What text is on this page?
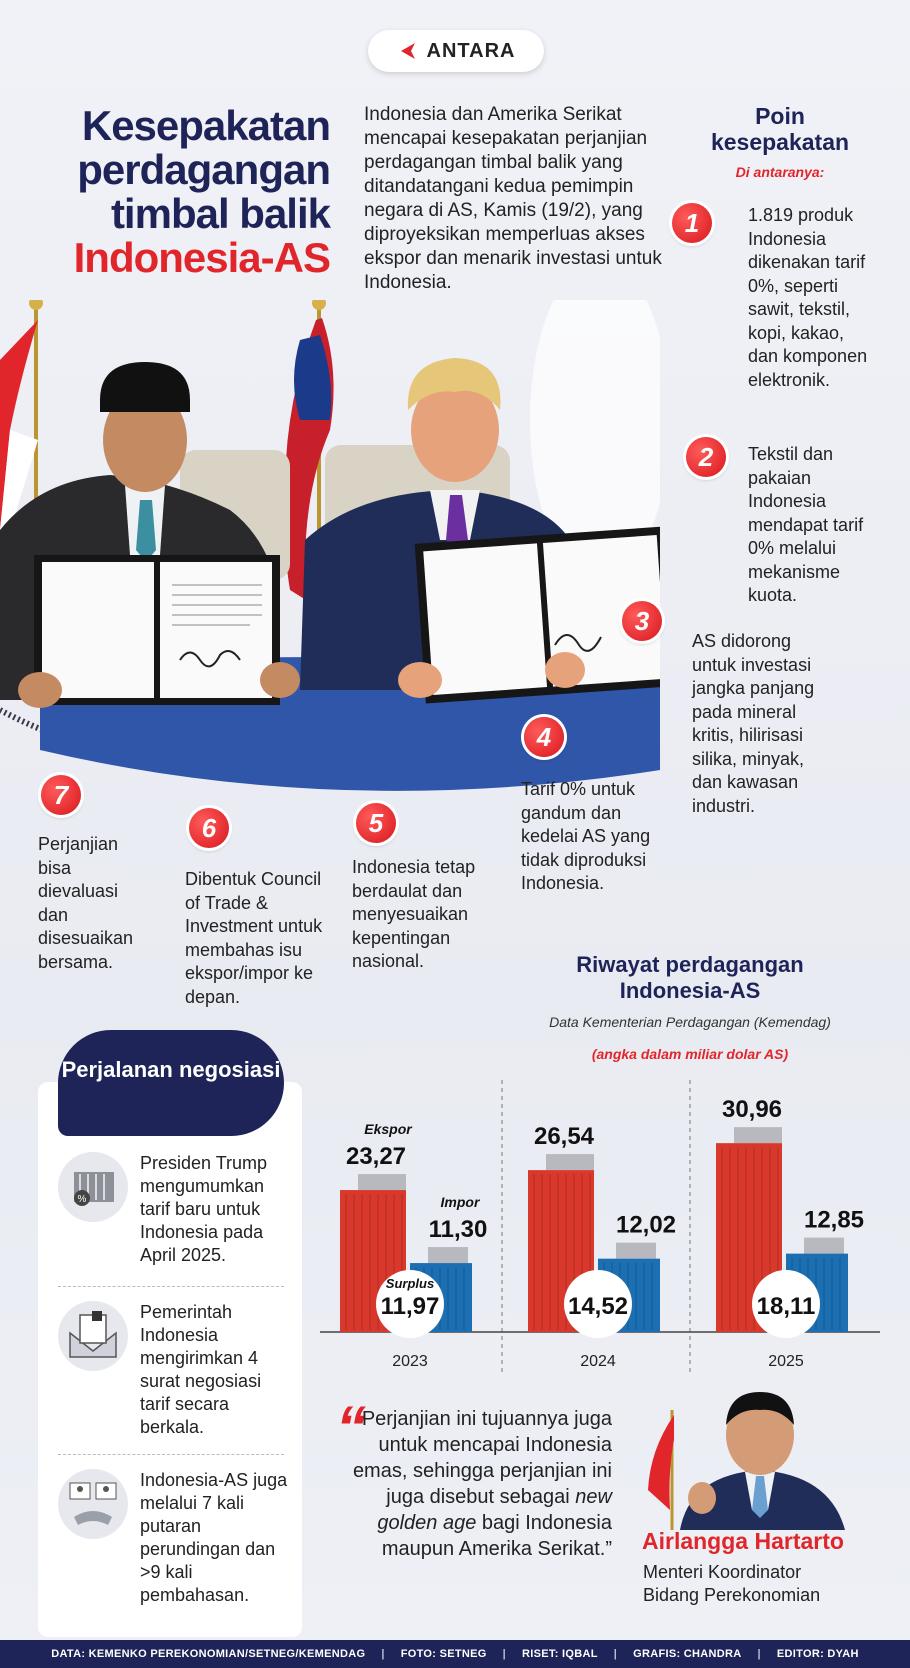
ANTARA
Kesepakatan
perdagangan
timbal balik
Indonesia-AS
Indonesia dan Amerika Serikat mencapai kesepakatan perjanjian perdagangan timbal balik yang ditandatangani kedua pemimpin negara di AS, Kamis (19/2), yang diproyeksikan memperluas akses ekspor dan menarik investasi untuk Indonesia.
Poin kesepakatan
Di antaranya:
1	1.819 produk Indonesia dikenakan tarif 0%, seperti sawit, tekstil, kopi, kakao, dan komponen elektronik.
2	Tekstil dan pakaian Indonesia mendapat tarif 0% melalui mekanisme kuota.
3
AS didorong untuk investasi jangka panjang pada mineral kritis, hilirisasi silika, minyak, dan kawasan industri.
4
Tarif 0% untuk gandum dan kedelai AS yang tidak diproduksi Indonesia.
5
Indonesia tetap berdaulat dan menyesuaikan kepentingan nasional.
6
Dibentuk Council of Trade & Investment untuk membahas isu ekspor/impor ke depan.
7
Perjanjian bisa dievaluasi dan disesuaikan bersama.	Riwayat perdagangan Indonesia-AS
Data Kementerian Perdagangan (Kemendag)
(angka dalam miliar dolar AS)
11,97
23,27
11,30
2023
14,52
26,54
12,02
2024
18,11
30,96
12,85
2025
Ekspor
Impor
Surplus
Perjalanan negosiasi
%
Presiden Trump mengumumkan tarif baru untuk Indonesia pada April 2025.
Pemerintah Indonesia mengirimkan 4 surat negosiasi tarif secara berkala.
Indonesia-AS juga melalui 7 kali putaran perundingan dan >9 kali pembahasan.
“
Perjanjian ini tujuannya juga untuk mencapai Indonesia emas, sehingga perjanjian ini juga disebut sebagai new golden age bagi Indonesia maupun Amerika Serikat.” Airlangga Hartarto
Menteri Koordinator
Bidang Perekonomian
DATA: KEMENKO PEREKONOMIAN/SETNEG/KEMENDAG | FOTO: SETNEG | RISET: IQBAL | GRAFIS: CHANDRA | EDITOR: DYAH
